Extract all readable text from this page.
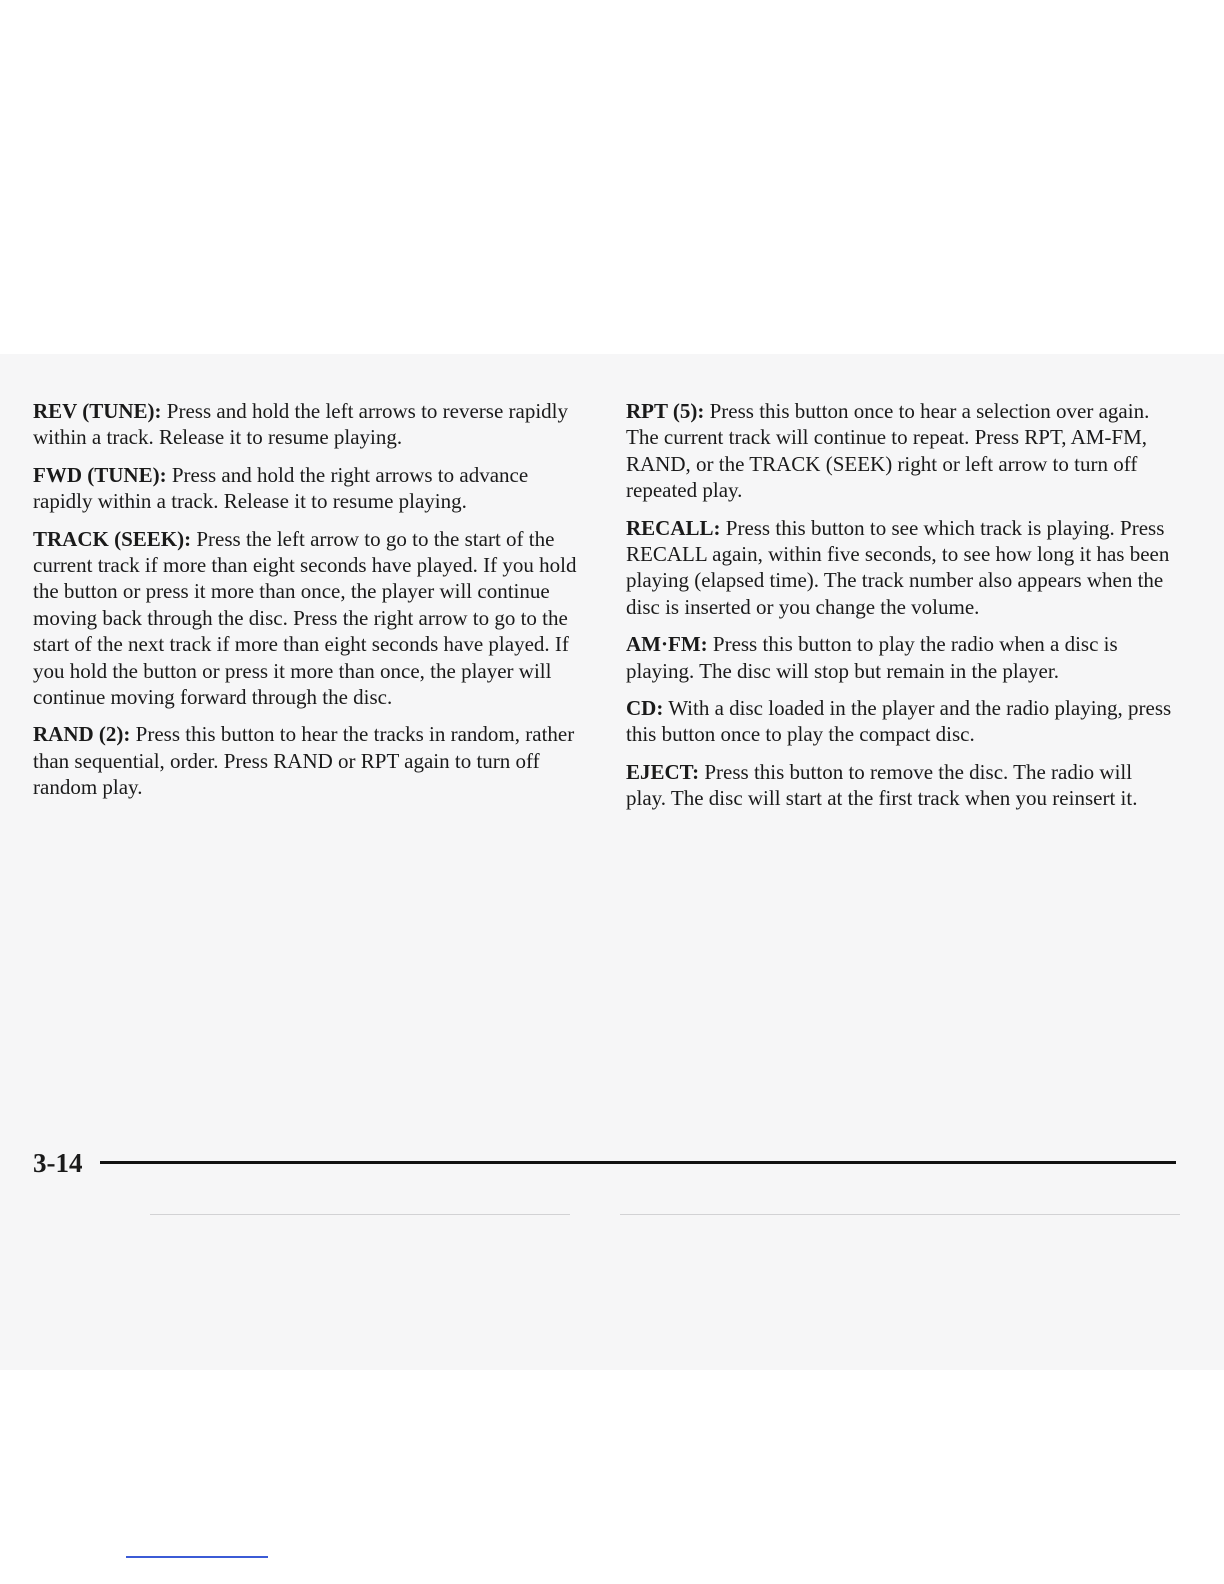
REV (TUNE): Press and hold the left arrows to reverse rapidly within a track. Release it to resume playing.

FWD (TUNE): Press and hold the right arrows to advance rapidly within a track. Release it to resume playing.

TRACK (SEEK): Press the left arrow to go to the start of the current track if more than eight seconds have played. If you hold the button or press it more than once, the player will continue moving back through the disc. Press the right arrow to go to the start of the next track if more than eight seconds have played. If you hold the button or press it more than once, the player will continue moving forward through the disc.

RAND (2): Press this button to hear the tracks in random, rather than sequential, order. Press RAND or RPT again to turn off random play.

RPT (5): Press this button once to hear a selection over again. The current track will continue to repeat. Press RPT, AM-FM, RAND, or the TRACK (SEEK) right or left arrow to turn off repeated play.

RECALL: Press this button to see which track is playing. Press RECALL again, within five seconds, to see how long it has been playing (elapsed time). The track number also appears when the disc is inserted or you change the volume.

AM·FM: Press this button to play the radio when a disc is playing. The disc will stop but remain in the player.

CD: With a disc loaded in the player and the radio playing, press this button once to play the compact disc.

EJECT: Press this button to remove the disc. The radio will play. The disc will start at the first track when you reinsert it.

3-14
